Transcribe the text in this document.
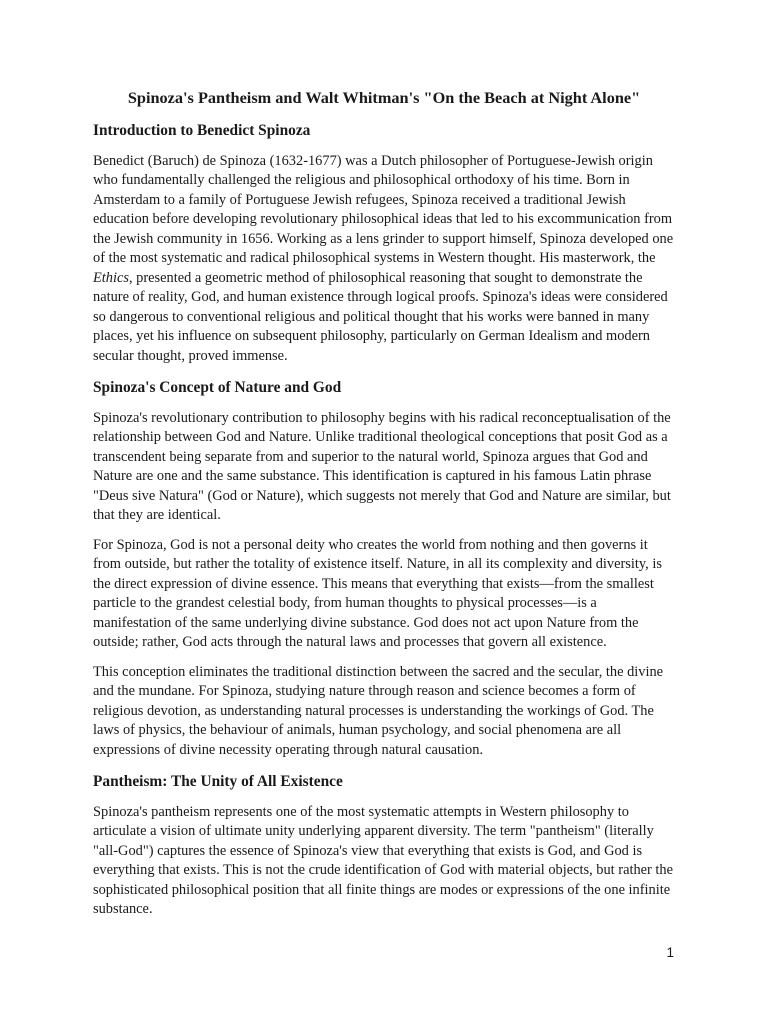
Spinoza's Pantheism and Walt Whitman's "On the Beach at Night Alone"
Introduction to Benedict Spinoza

Benedict (Baruch) de Spinoza (1632-1677) was a Dutch philosopher of Portuguese-Jewish origin who fundamentally challenged the religious and philosophical orthodoxy of his time. Born in Amsterdam to a family of Portuguese Jewish refugees, Spinoza received a traditional Jewish education before developing revolutionary philosophical ideas that led to his excommunication from the Jewish community in 1656. Working as a lens grinder to support himself, Spinoza developed one of the most systematic and radical philosophical systems in Western thought. His masterwork, the Ethics, presented a geometric method of philosophical reasoning that sought to demonstrate the nature of reality, God, and human existence through logical proofs. Spinoza's ideas were considered so dangerous to conventional religious and political thought that his works were banned in many places, yet his influence on subsequent philosophy, particularly on German Idealism and modern secular thought, proved immense.

Spinoza's Concept of Nature and God

Spinoza's revolutionary contribution to philosophy begins with his radical reconceptualisation of the relationship between God and Nature. Unlike traditional theological conceptions that posit God as a transcendent being separate from and superior to the natural world, Spinoza argues that God and Nature are one and the same substance. This identification is captured in his famous Latin phrase "Deus sive Natura" (God or Nature), which suggests not merely that God and Nature are similar, but that they are identical.

For Spinoza, God is not a personal deity who creates the world from nothing and then governs it from outside, but rather the totality of existence itself. Nature, in all its complexity and diversity, is the direct expression of divine essence. This means that everything that exists—from the smallest particle to the grandest celestial body, from human thoughts to physical processes—is a manifestation of the same underlying divine substance. God does not act upon Nature from the outside; rather, God acts through the natural laws and processes that govern all existence.

This conception eliminates the traditional distinction between the sacred and the secular, the divine and the mundane. For Spinoza, studying nature through reason and science becomes a form of religious devotion, as understanding natural processes is understanding the workings of God. The laws of physics, the behaviour of animals, human psychology, and social phenomena are all expressions of divine necessity operating through natural causation.

Pantheism: The Unity of All Existence

Spinoza's pantheism represents one of the most systematic attempts in Western philosophy to articulate a vision of ultimate unity underlying apparent diversity. The term "pantheism" (literally "all-God") captures the essence of Spinoza's view that everything that exists is God, and God is everything that exists. This is not the crude identification of God with material objects, but rather the sophisticated philosophical position that all finite things are modes or expressions of the one infinite substance.

1
